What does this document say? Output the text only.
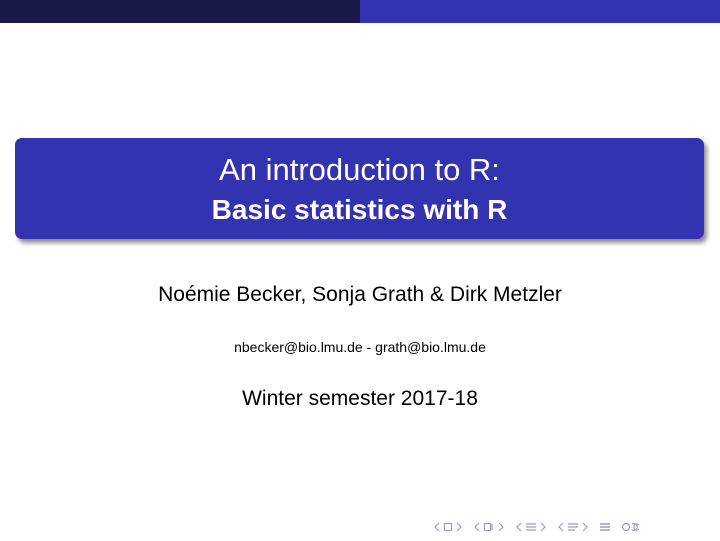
An introduction to R:
Basic statistics with R
Noémie Becker, Sonja Grath & Dirk Metzler
nbecker@bio.lmu.de - grath@bio.lmu.de
Winter semester 2017-18
